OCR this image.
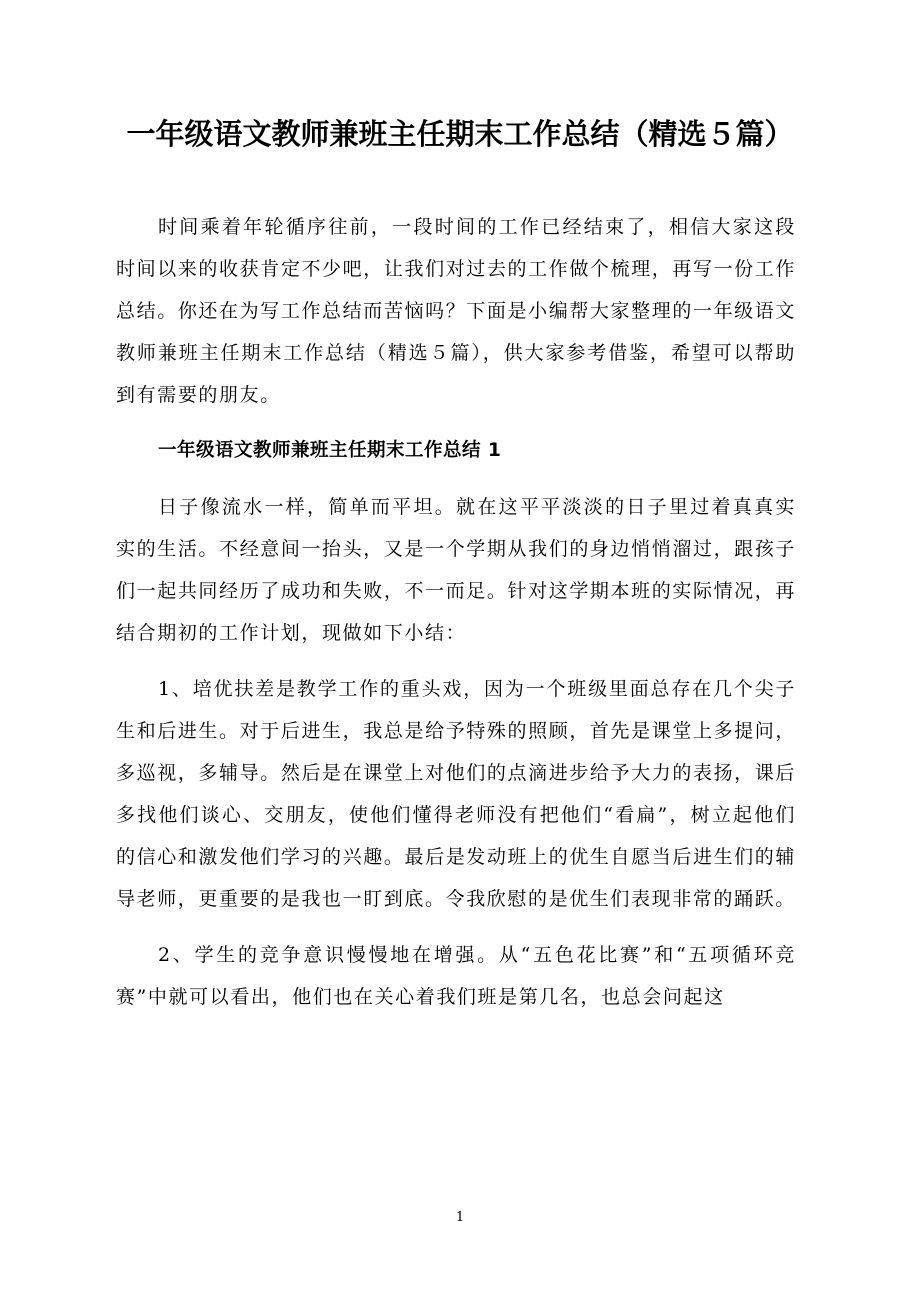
一年级语文教师兼班主任期末工作总结（精选５篇）

时间乘着年轮循序往前，一段时间的工作已经结束了，相信大家这段时间以来的收获肯定不少吧，让我们对过去的工作做个梳理，再写一份工作总结。你还在为写工作总结而苦恼吗？下面是小编帮大家整理的一年级语文教师兼班主任期末工作总结（精选５篇），供大家参考借鉴，希望可以帮助到有需要的朋友。

一年级语文教师兼班主任期末工作总结 1

日子像流水一样，简单而平坦。就在这平平淡淡的日子里过着真真实实的生活。不经意间一抬头，又是一个学期从我们的身边悄悄溜过，跟孩子们一起共同经历了成功和失败，不一而足。针对这学期本班的实际情况，再结合期初的工作计划，现做如下小结：

1、培优扶差是教学工作的重头戏，因为一个班级里面总存在几个尖子生和后进生。对于后进生，我总是给予特殊的照顾，首先是课堂上多提问，多巡视，多辅导。然后是在课堂上对他们的点滴进步给予大力的表扬，课后多找他们谈心、交朋友，使他们懂得老师没有把他们“看扁”，树立起他们的信心和激发他们学习的兴趣。最后是发动班上的优生自愿当后进生们的辅导老师，更重要的是我也一盯到底。令我欣慰的是优生们表现非常的踊跃。

2、学生的竞争意识慢慢地在增强。从“五色花比赛”和“五项循环竞赛”中就可以看出，他们也在关心着我们班是第几名，也总会问起这

1
